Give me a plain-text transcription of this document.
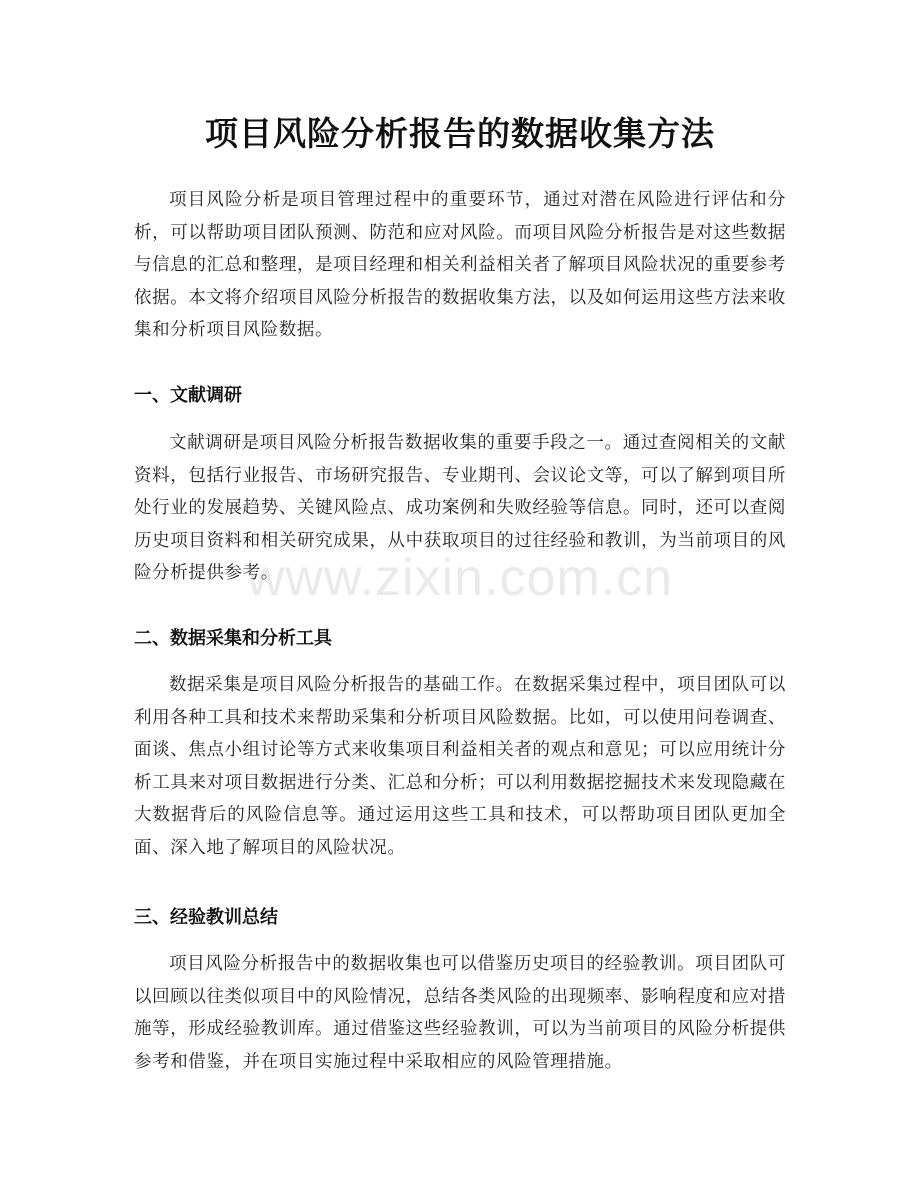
项目风险分析报告的数据收集方法

项目风险分析是项目管理过程中的重要环节，通过对潜在风险进行评估和分析，可以帮助项目团队预测、防范和应对风险。而项目风险分析报告是对这些数据与信息的汇总和整理，是项目经理和相关利益相关者了解项目风险状况的重要参考依据。本文将介绍项目风险分析报告的数据收集方法，以及如何运用这些方法来收集和分析项目风险数据。

一、文献调研

文献调研是项目风险分析报告数据收集的重要手段之一。通过查阅相关的文献资料，包括行业报告、市场研究报告、专业期刊、会议论文等，可以了解到项目所处行业的发展趋势、关键风险点、成功案例和失败经验等信息。同时，还可以查阅历史项目资料和相关研究成果，从中获取项目的过往经验和教训，为当前项目的风险分析提供参考。

二、数据采集和分析工具

数据采集是项目风险分析报告的基础工作。在数据采集过程中，项目团队可以利用各种工具和技术来帮助采集和分析项目风险数据。比如，可以使用问卷调查、面谈、焦点小组讨论等方式来收集项目利益相关者的观点和意见；可以应用统计分析工具来对项目数据进行分类、汇总和分析；可以利用数据挖掘技术来发现隐藏在大数据背后的风险信息等。通过运用这些工具和技术，可以帮助项目团队更加全面、深入地了解项目的风险状况。

三、经验教训总结

项目风险分析报告中的数据收集也可以借鉴历史项目的经验教训。项目团队可以回顾以往类似项目中的风险情况，总结各类风险的出现频率、影响程度和应对措施等，形成经验教训库。通过借鉴这些经验教训，可以为当前项目的风险分析提供参考和借鉴，并在项目实施过程中采取相应的风险管理措施。

www.zixin.com.cn
